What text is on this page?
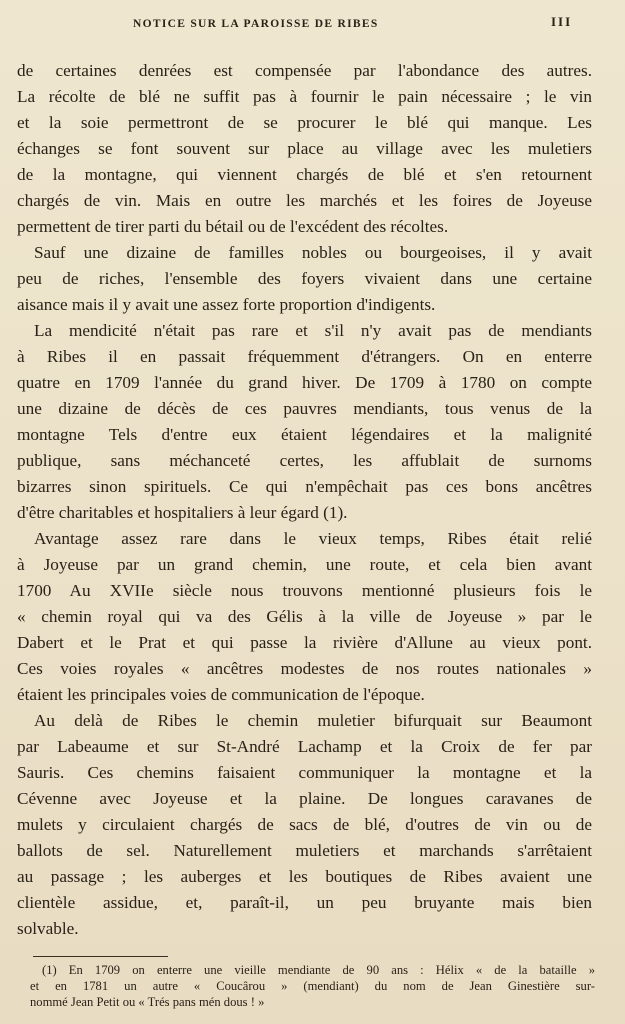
NOTICE SUR LA PAROISSE DE RIBES	III
de certaines denrées est compensée par l'abondance des autres.
La récolte de blé ne suffit pas à fournir le pain nécessaire ; le vin
et la soie permettront de se procurer le blé qui manque. Les
échanges se font souvent sur place au village avec les muletiers
de la montagne, qui viennent chargés de blé et s'en retournent
chargés de vin. Mais en outre les marchés et les foires de Joyeuse
permettent de tirer parti du bétail ou de l'excédent des récoltes.
Sauf une dizaine de familles nobles ou bourgeoises, il y avait
peu de riches, l'ensemble des foyers vivaient dans une certaine
aisance mais il y avait une assez forte proportion d'indigents.
La mendicité n'était pas rare et s'il n'y avait pas de mendiants
à Ribes il en passait fréquemment d'étrangers. On en enterre
quatre en 1709 l'année du grand hiver. De 1709 à 1780 on compte
une dizaine de décès de ces pauvres mendiants, tous venus de la
montagne Tels d'entre eux étaient légendaires et la malignité
publique, sans méchanceté certes, les affublait de surnoms
bizarres sinon spirituels. Ce qui n'empêchait pas ces bons ancêtres
d'être charitables et hospitaliers à leur égard (1).
Avantage assez rare dans le vieux temps, Ribes était relié
à Joyeuse par un grand chemin, une route, et cela bien avant
1700 Au XVIIe siècle nous trouvons mentionné plusieurs fois le
« chemin royal qui va des Gélis à la ville de Joyeuse » par le
Dabert et le Prat et qui passe la rivière d'Allune au vieux pont.
Ces voies royales « ancêtres modestes de nos routes nationales »
étaient les principales voies de communication de l'époque.
Au delà de Ribes le chemin muletier bifurquait sur Beaumont
par Labeaume et sur St-André Lachamp et la Croix de fer par
Sauris. Ces chemins faisaient communiquer la montagne et la
Cévenne avec Joyeuse et la plaine. De longues caravanes de
mulets y circulaient chargés de sacs de blé, d'outres de vin ou de
ballots de sel. Naturellement muletiers et marchands s'arrêtaient
au passage ; les auberges et les boutiques de Ribes avaient une
clientèle assidue, et, paraît-il, un peu bruyante mais bien
solvable.
(1) En 1709 on enterre une vieille mendiante de 90 ans : Hélix « de la bataille »
et en 1781 un autre « Coucârou » (mendiant) du nom de Jean Ginestière sur-
nommé Jean Petit ou « Trés pans mén dous ! »
